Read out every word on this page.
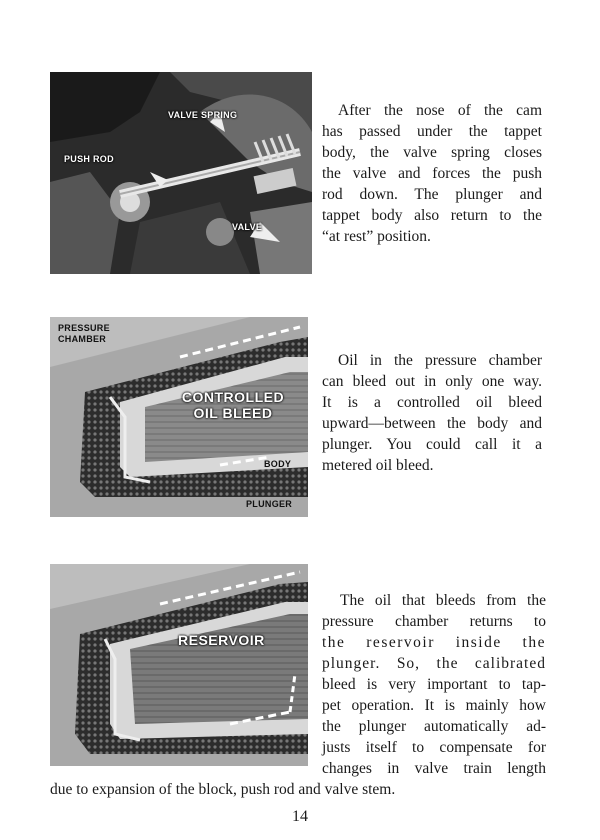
VALVE SPRING
PUSH ROD
VALVE
After the nose of the cam
has passed under the tappet
body, the valve spring closes
the valve and forces the push
rod down. The plunger and
tappet body also return to the
“at rest” position.
PRESSURE CHAMBER
CONTROLLED OIL BLEED
BODY
PLUNGER
Oil in the pressure chamber
can bleed out in only one way.
It is a controlled oil bleed
upward—between the body and
plunger. You could call it a
metered oil bleed.
RESERVOIR
The oil that bleeds from the
pressure chamber returns to
the reservoir inside the
plunger. So, the calibrated
bleed is very important to tap-
pet operation. It is mainly how
the plunger automatically ad-
justs itself to compensate for
changes in valve train length
due to expansion of the block, push rod and valve stem.
14
